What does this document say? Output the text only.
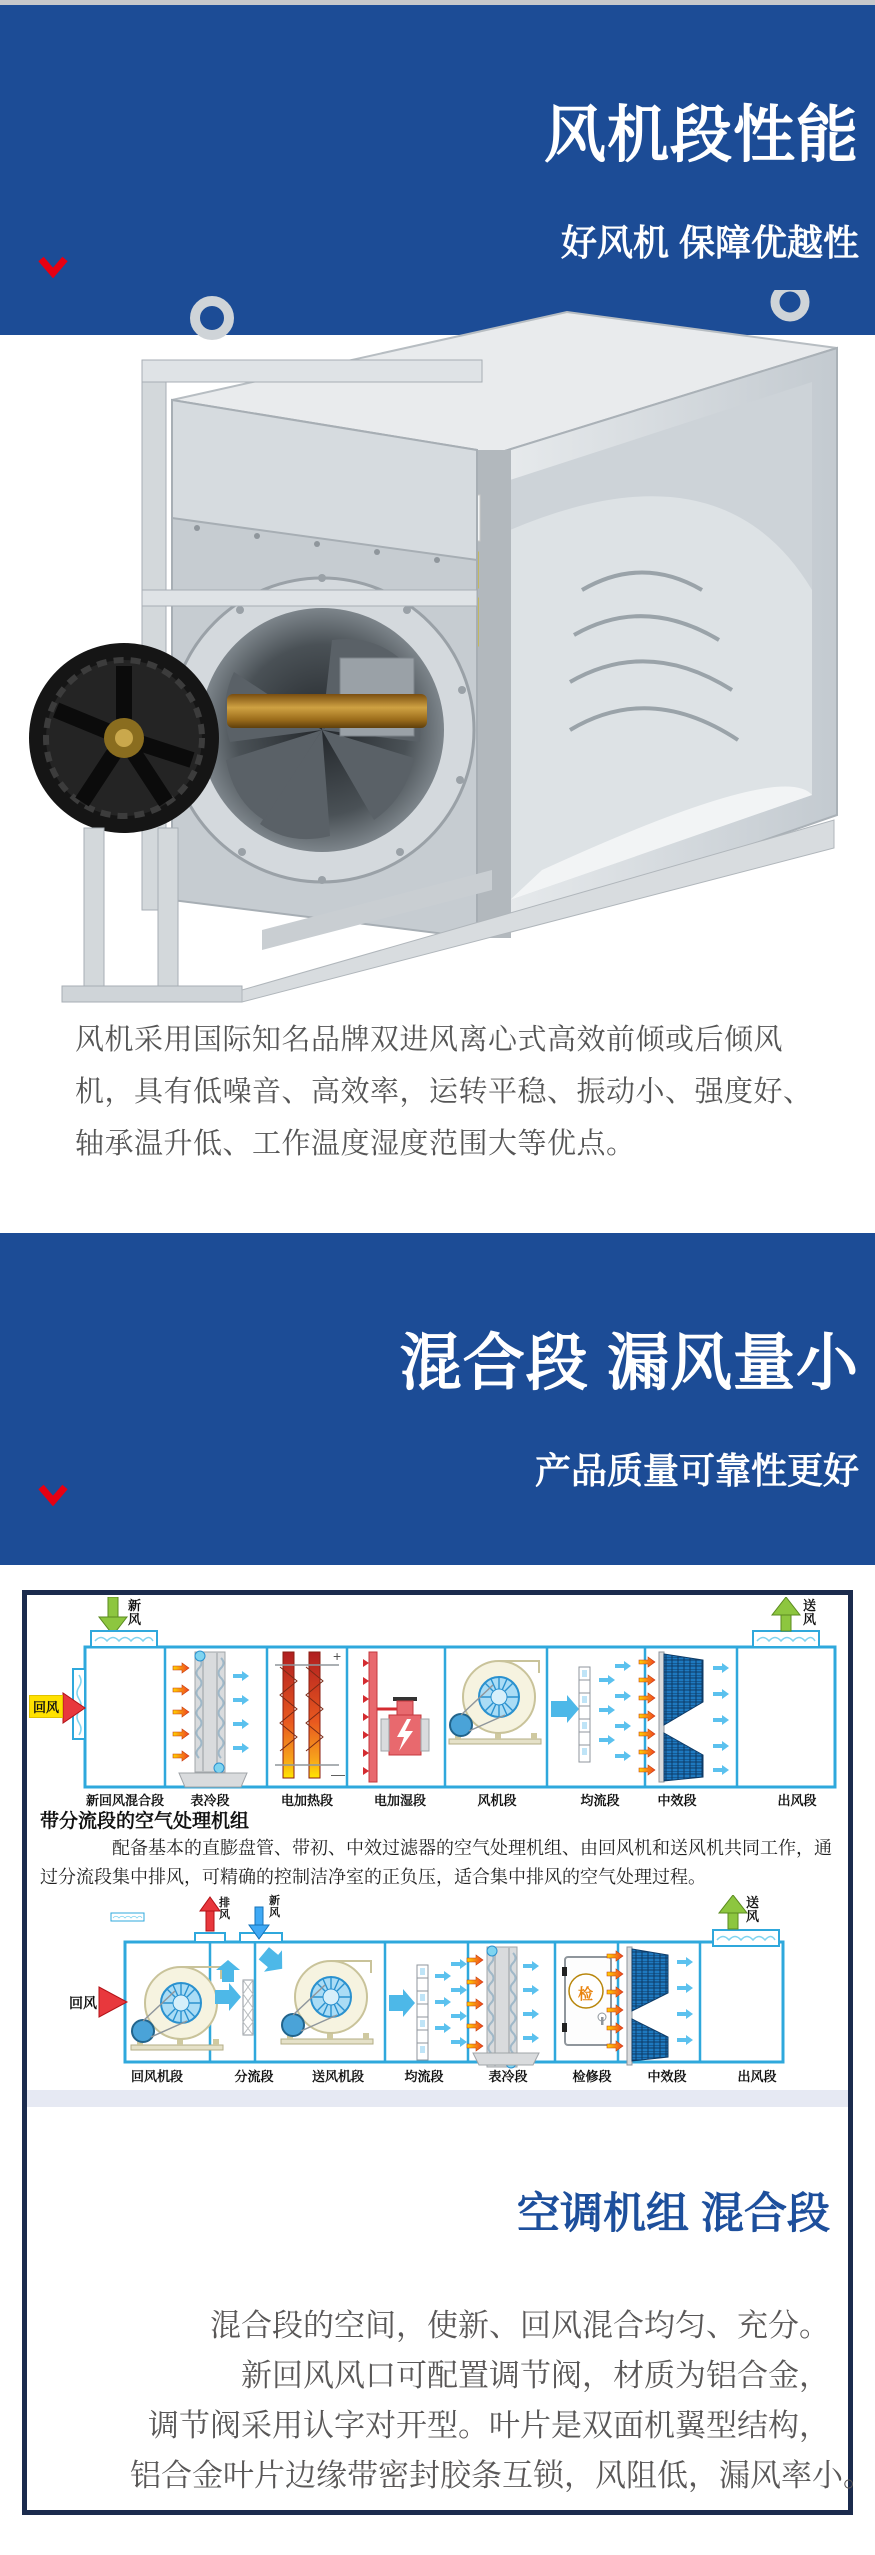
风机段性能
好风机 保障优越性
风机采用国际知名品牌双进风离心式高效前倾或后倾风机，具有低噪音、高效率，运转平稳、振动小、强度好、轴承温升低、工作温度湿度范围大等优点。
混合段 漏风量小
产品质量可靠性更好
+
—
新风
回风
送风
新回风混合段 表冷段	电加热段	电加湿段	风机段	均流段	中效段	出风段
带分流段的空气处理机组
配备基本的直膨盘管、带初、中效过滤器的空气处理机组、由回风机和送风机共同工作，通过分流段集中排风，可精确的控制洁净室的正负压，适合集中排风的空气处理过程。
回风
排风
新风
送风
检
回风机段	分流段	送风机段	均流段	表冷段	检修段	中效段	出风段
空调机组 混合段
混合段的空间，使新、回风混合均匀、充分。
新回风风口可配置调节阀，材质为铝合金，
调节阀采用认字对开型。叶片是双面机翼型结构，
铝合金叶片边缘带密封胶条互锁，风阻低，漏风率小。
